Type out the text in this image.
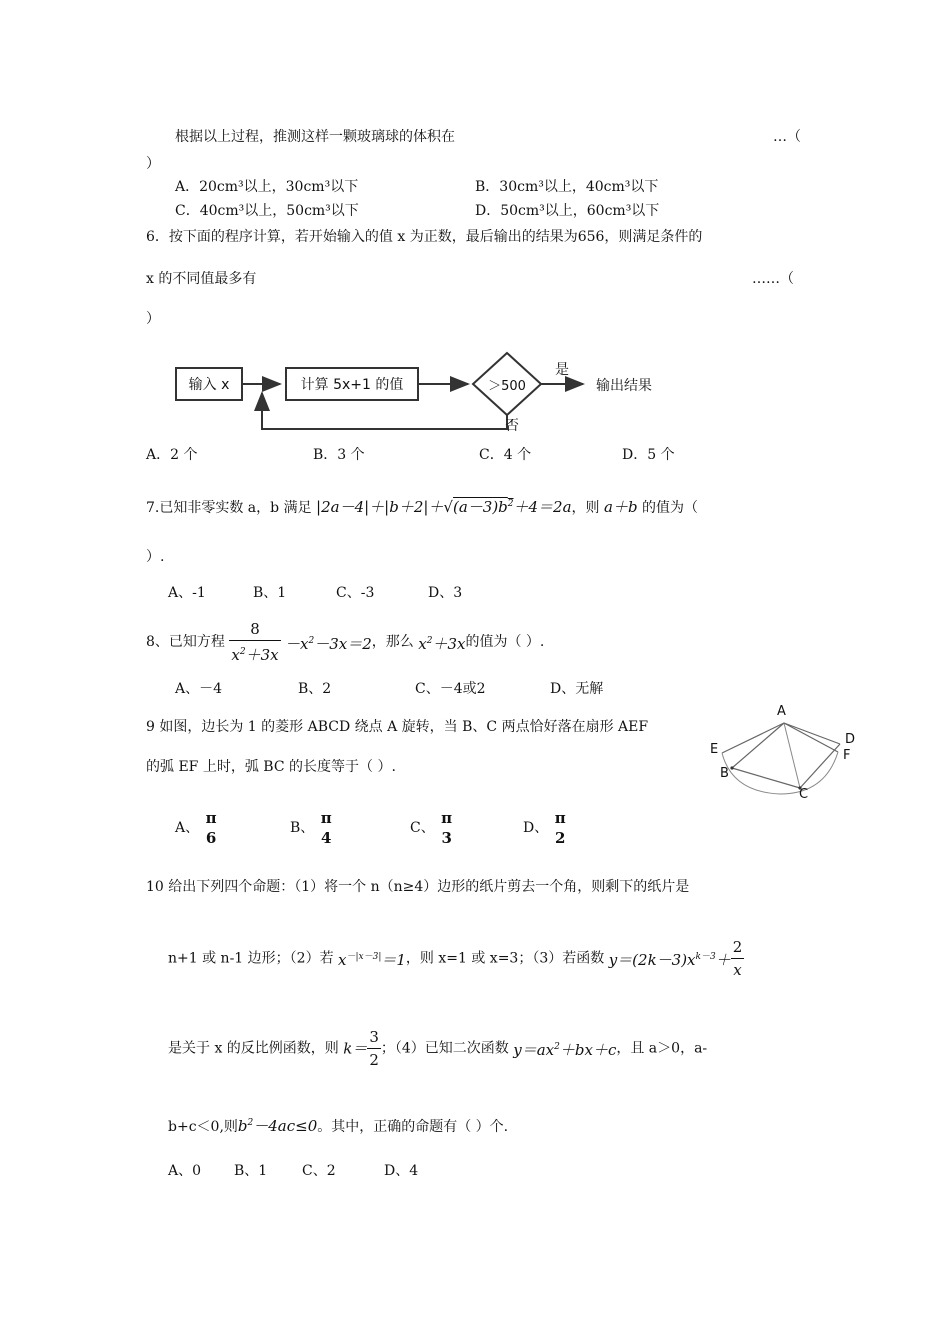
根据以上过程，推测这样一颗玻璃球的体积在	…（
）
A．20cm³以上，30cm³以下	B．30cm³以上，40cm³以下
C．40cm³以上，50cm³以下	D．50cm³以上，60cm³以下
6．按下面的程序计算，若开始输入的值 x 为正数，最后输出的结果为656，则满足条件的
x 的不同值最多有	……（
）
输入 x	计算 5x+1 的值	＞500
是
否
输出结果
A．2 个	B．3 个	C．4 个	D．5 个
7.已知非零实数 a，b 满足 $|2a-4|+|b+2|+√(a-3)b^2+4=2a$，则 a＋b 的值为（
）.
A、-1	B、1	C、-3	D、3
8、已知方程 $\frac{8}{x^2+3x} -x^2-3x=2$，那么 $x^2+3x$的值为（ ）.
A、－4	B、2	C、－4或2	D、无解
9 如图，边长为 1 的菱形 ABCD 绕点 A 旋转，当 B、C 两点恰好落在扇形 AEF
的弧 EF 上时，弧 BC 的长度等于（ ）.
A
D
E	F
B
C
A、
π
6
B、
π
4
C、
π
3
D、
π
2
10 给出下列四个命题：（1）将一个 n（n≥4）边形的纸片剪去一个角，则剩下的纸片是
n+1 或 n-1 边形；（2）若 $x^{-|x-3|}=1$，则 x=1 或 x=3；（3）若函数 $y=(2k-3)x^{k-3}+ \frac{2}{x}$
是关于 x 的反比例函数，则 $k= \frac{3}{2}$ ；（4）已知二次函数 $y=ax^2+bx+c$，且 a＞0，a-
b+c＜0,则$b^2-4ac\le 0$。其中，正确的命题有（ ）个.
A、0 B、1 C、2	D、4
